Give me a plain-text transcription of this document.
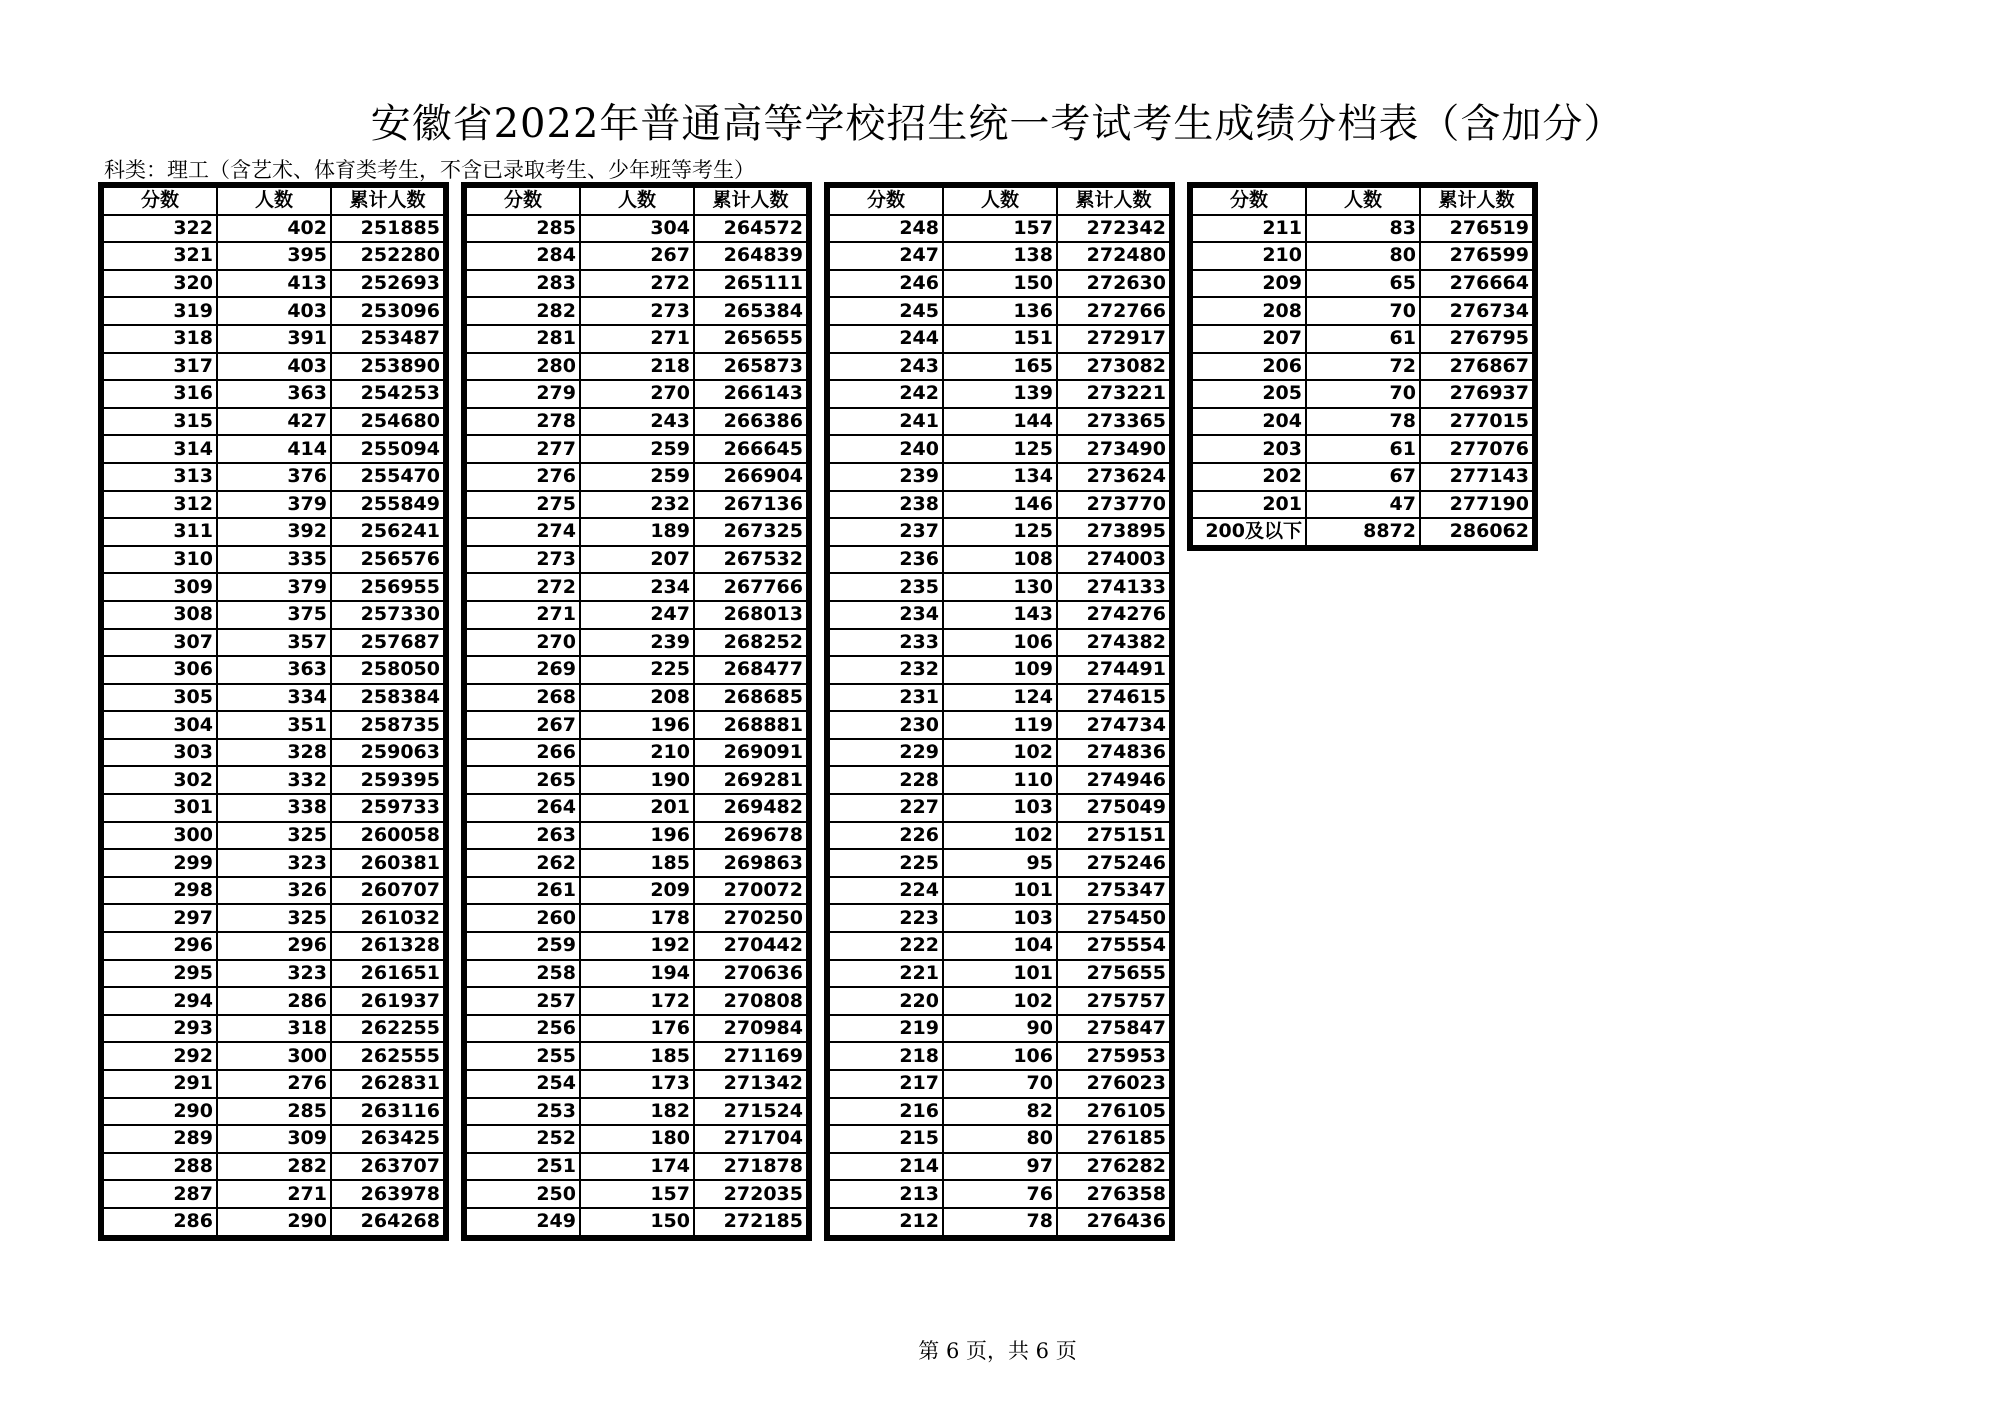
安徽省2022年普通高等学校招生统一考试考生成绩分档表（含加分）
科类：理工（含艺术、体育类考生，不含已录取考生、少年班等考生）
分数	人数	累计人数
322	402	251885
321	395	252280
320	413	252693
319	403	253096
318	391	253487
317	403	253890
316	363	254253
315	427	254680
314	414	255094
313	376	255470
312	379	255849
311	392	256241
310	335	256576
309	379	256955
308	375	257330
307	357	257687
306	363	258050
305	334	258384
304	351	258735
303	328	259063
302	332	259395
301	338	259733
300	325	260058
299	323	260381
298	326	260707
297	325	261032
296	296	261328
295	323	261651
294	286	261937
293	318	262255
292	300	262555
291	276	262831
290	285	263116
289	309	263425
288	282	263707
287	271	263978
286	290	264268
分数	人数	累计人数
285	304	264572
284	267	264839
283	272	265111
282	273	265384
281	271	265655
280	218	265873
279	270	266143
278	243	266386
277	259	266645
276	259	266904
275	232	267136
274	189	267325
273	207	267532
272	234	267766
271	247	268013
270	239	268252
269	225	268477
268	208	268685
267	196	268881
266	210	269091
265	190	269281
264	201	269482
263	196	269678
262	185	269863
261	209	270072
260	178	270250
259	192	270442
258	194	270636
257	172	270808
256	176	270984
255	185	271169
254	173	271342
253	182	271524
252	180	271704
251	174	271878
250	157	272035
249	150	272185
分数	人数	累计人数
248	157	272342
247	138	272480
246	150	272630
245	136	272766
244	151	272917
243	165	273082
242	139	273221
241	144	273365
240	125	273490
239	134	273624
238	146	273770
237	125	273895
236	108	274003
235	130	274133
234	143	274276
233	106	274382
232	109	274491
231	124	274615
230	119	274734
229	102	274836
228	110	274946
227	103	275049
226	102	275151
225	95	275246
224	101	275347
223	103	275450
222	104	275554
221	101	275655
220	102	275757
219	90	275847
218	106	275953
217	70	276023
216	82	276105
215	80	276185
214	97	276282
213	76	276358
212	78	276436
分数	人数	累计人数
211	83	276519
210	80	276599
209	65	276664
208	70	276734
207	61	276795
206	72	276867
205	70	276937
204	78	277015
203	61	277076
202	67	277143
201	47	277190
200及以下	8872	286062
第 6 页，共 6 页
